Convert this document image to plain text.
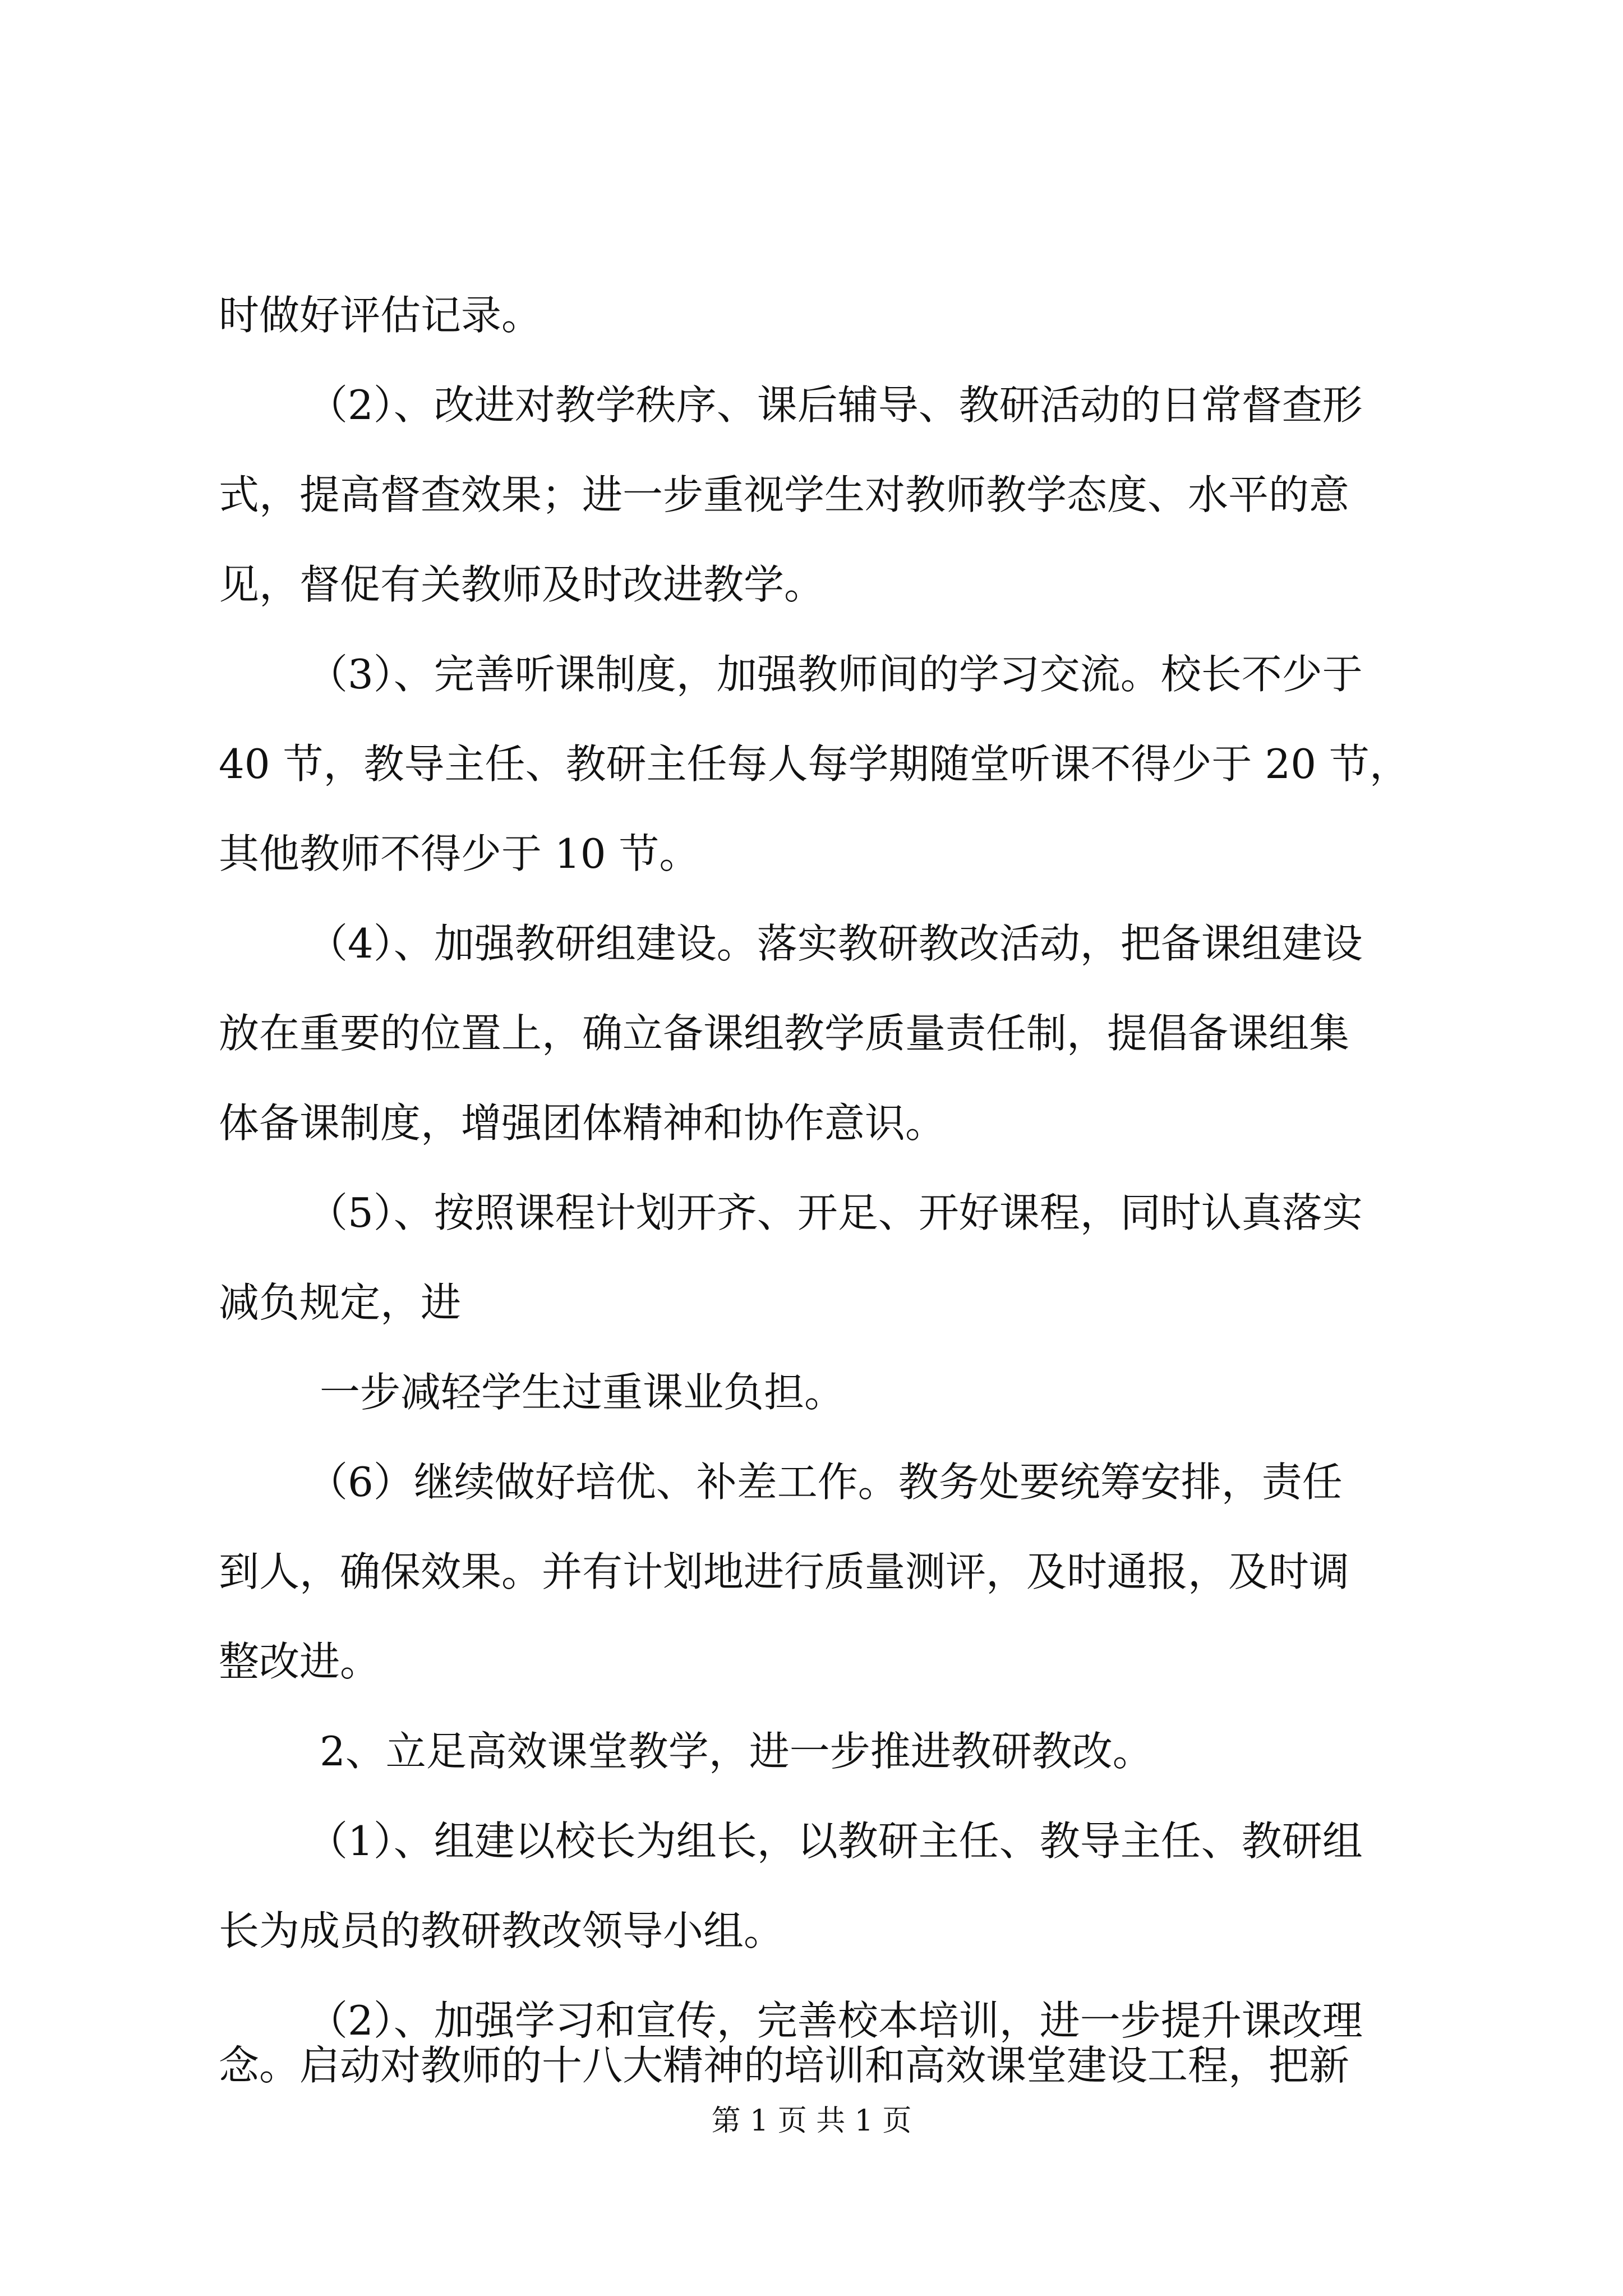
时做好评估记录。
（2）、改进对教学秩序、课后辅导、教研活动的日常督查形
式，提高督查效果；进一步重视学生对教师教学态度、水平的意
见，督促有关教师及时改进教学。
（3）、完善听课制度，加强教师间的学习交流。校长不少于
40 节，教导主任、教研主任每人每学期随堂听课不得少于 20 节，
其他教师不得少于 10 节。
（4）、加强教研组建设。落实教研教改活动，把备课组建设
放在重要的位置上，确立备课组教学质量责任制，提倡备课组集
体备课制度，增强团体精神和协作意识。
（5）、按照课程计划开齐、开足、开好课程，同时认真落实
减负规定，进
一步减轻学生过重课业负担。
（6）继续做好培优、补差工作。教务处要统筹安排，责任
到人，确保效果。并有计划地进行质量测评，及时通报，及时调
整改进。
2、立足高效课堂教学，进一步推进教研教改。
（1）、组建以校长为组长，以教研主任、教导主任、教研组
长为成员的教研教改领导小组。
（2）、加强学习和宣传，完善校本培训，进一步提升课改理
念。启动对教师的十八大精神的培训和高效课堂建设工程，把新
第 1 页 共 1 页
